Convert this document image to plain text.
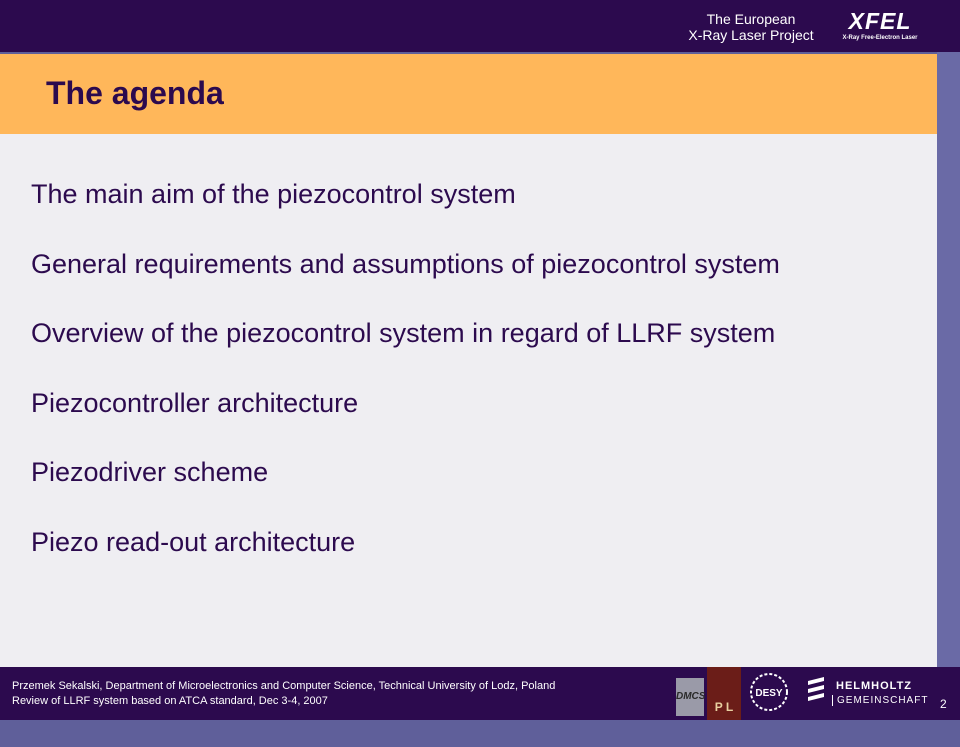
The European
X-Ray Laser Project
XFEL
X-Ray Free-Electron Laser
The agenda
The main aim of the piezocontrol system
General requirements and assumptions of piezocontrol system
Overview of the piezocontrol system in regard of LLRF system
Piezocontroller architecture
Piezodriver scheme
Piezo read-out architecture
Przemek Sekalski, Department of Microelectronics and Computer Science, Technical University of Lodz, Poland
Review of LLRF system based on ATCA standard, Dec 3-4, 2007	DMCS
P L
DESY
HELMHOLTZ
GEMEINSCHAFT 2
